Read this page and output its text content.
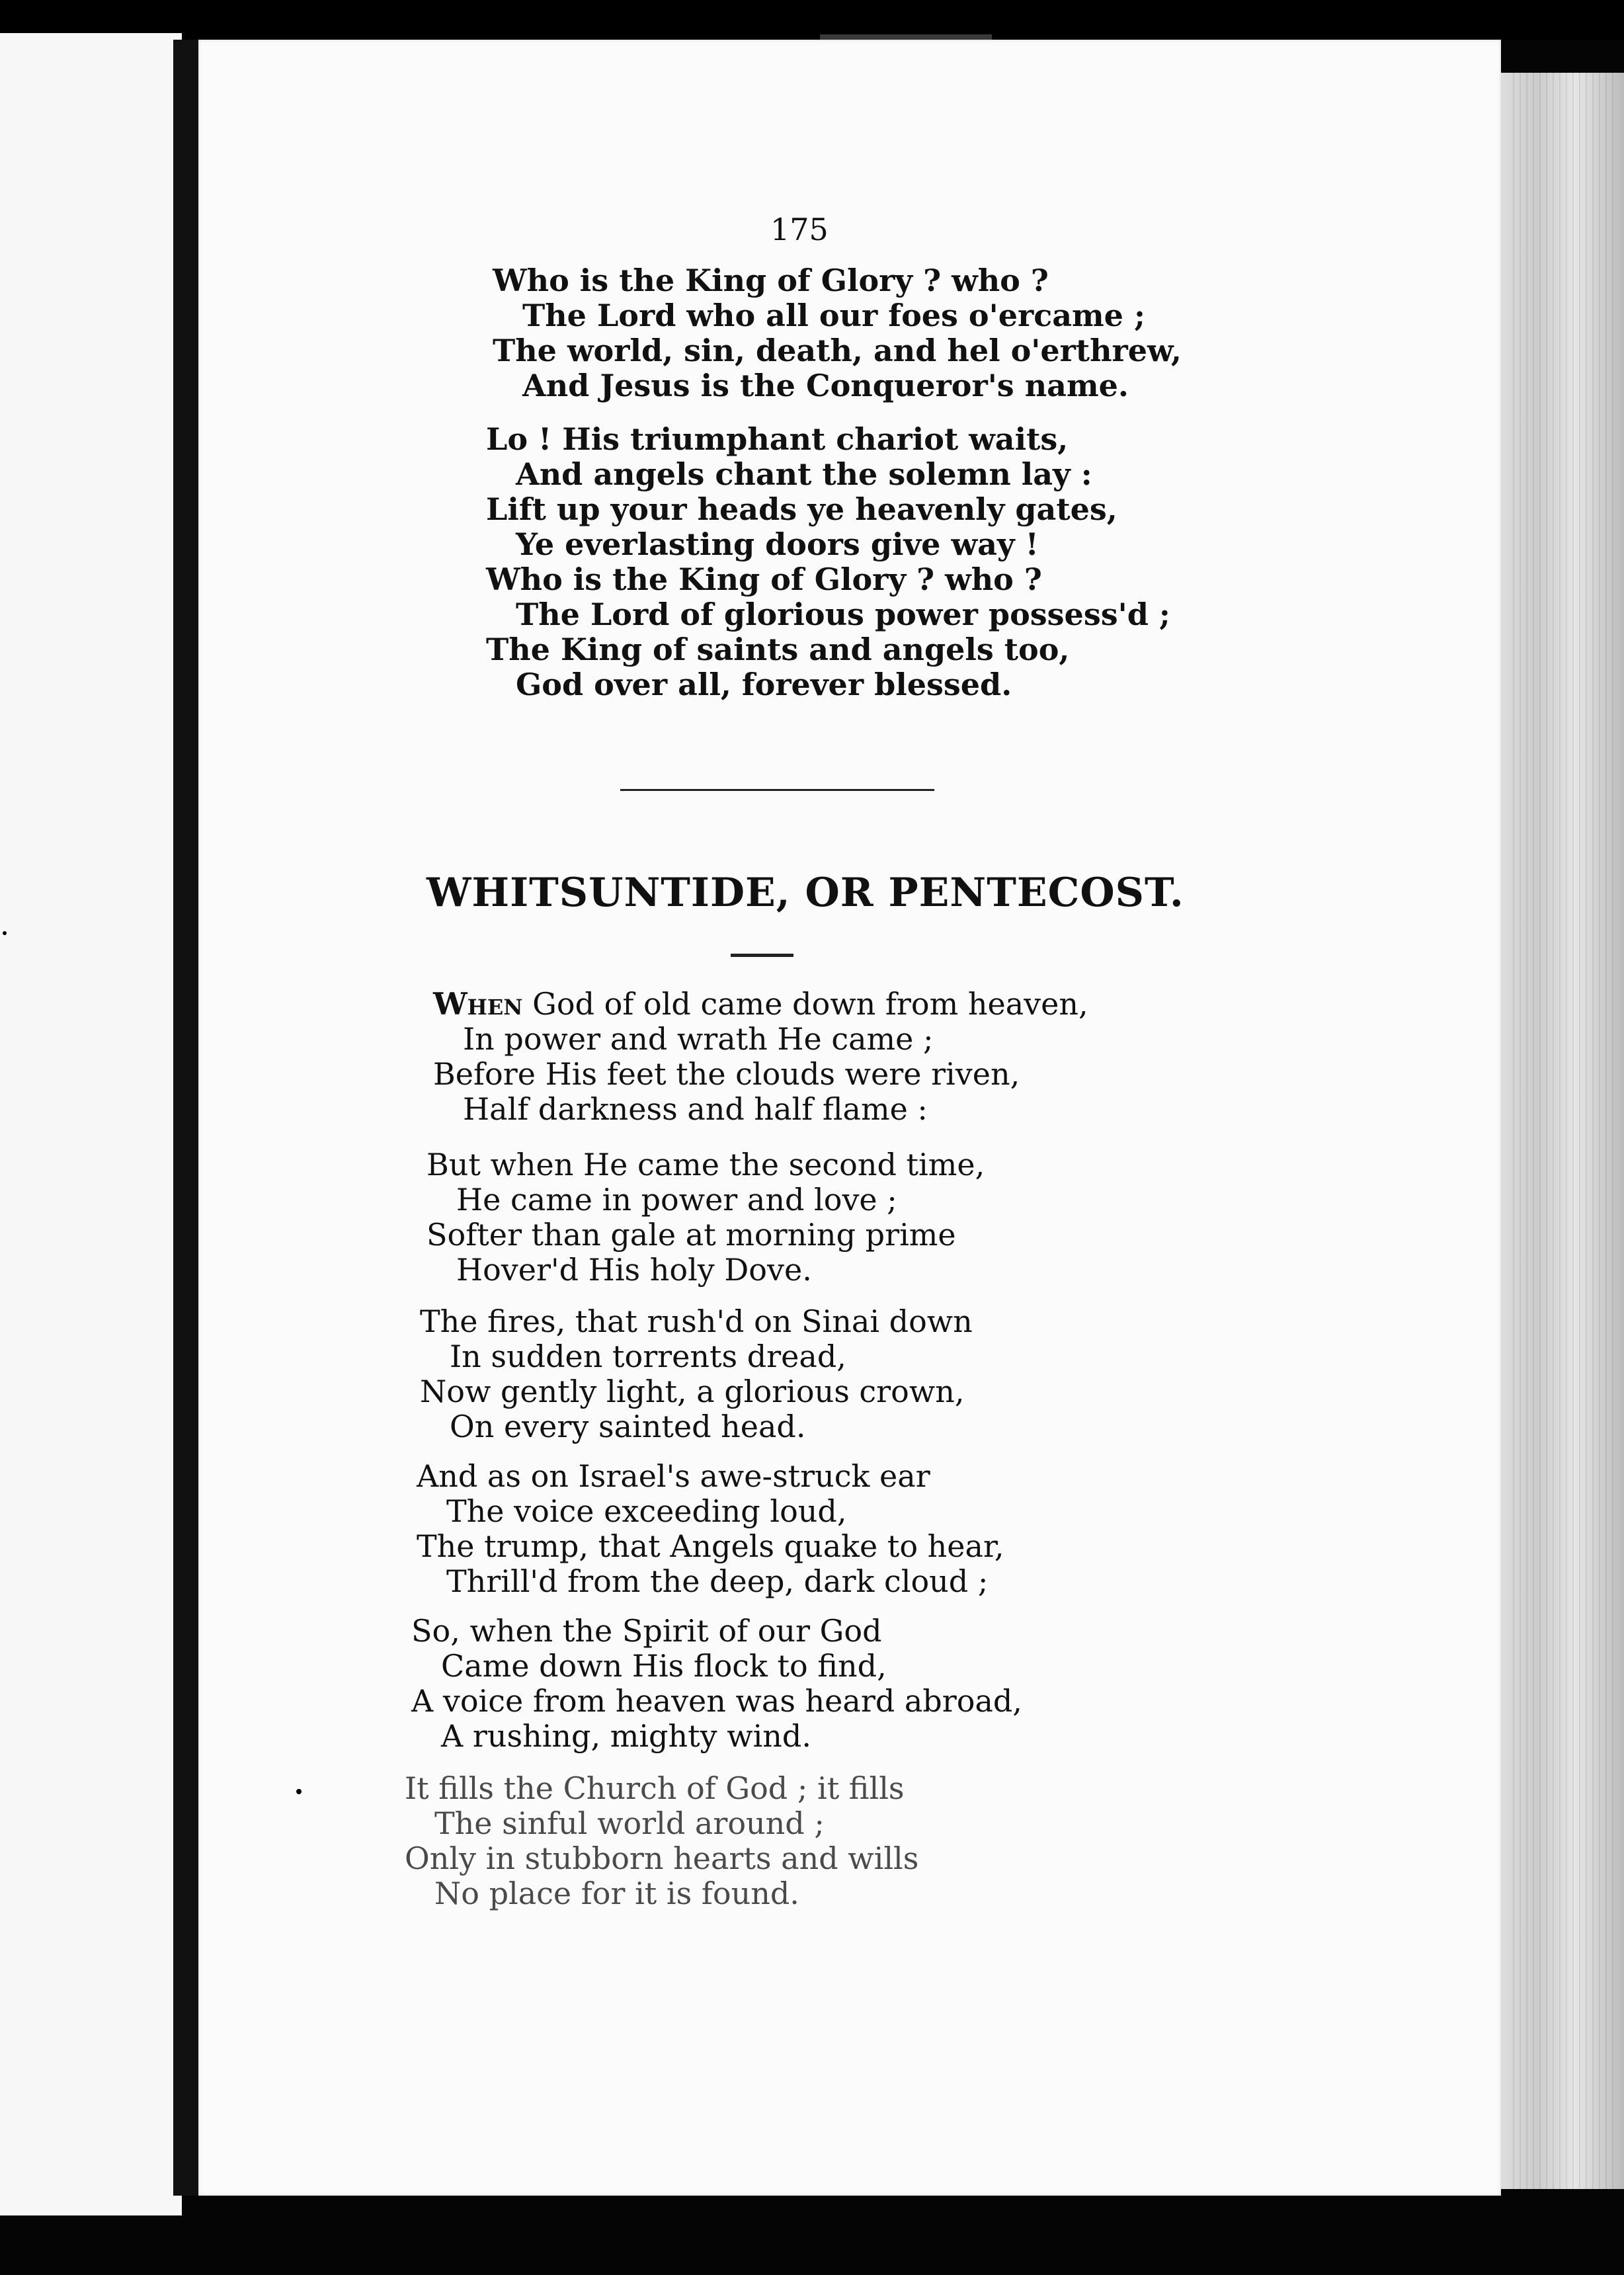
175
Who is the King of Glory ? who ?
The Lord who all our foes o'ercame ;
The world, sin, death, and hel o'erthrew,
And Jesus is the Conqueror's name.
Lo ! His triumphant chariot waits,
And angels chant the solemn lay :
Lift up your heads ye heavenly gates,
Ye everlasting doors give way !
Who is the King of Glory ? who ?
The Lord of glorious power possess'd ;
The King of saints and angels too,
God over all, forever blessed.
WHITSUNTIDE, OR PENTECOST.
When God of old came down from heaven,
In power and wrath He came ;
Before His feet the clouds were riven,
Half darkness and half flame :
But when He came the second time,
He came in power and love ;
Softer than gale at morning prime
Hover'd His holy Dove.
The fires, that rush'd on Sinai down
In sudden torrents dread,
Now gently light, a glorious crown,
On every sainted head.
And as on Israel's awe-struck ear
The voice exceeding loud,
The trump, that Angels quake to hear,
Thrill'd from the deep, dark cloud ;
So, when the Spirit of our God
Came down His flock to find,
A voice from heaven was heard abroad,
A rushing, mighty wind.
It fills the Church of God ; it fills
The sinful world around ;
Only in stubborn hearts and wills
No place for it is found.
